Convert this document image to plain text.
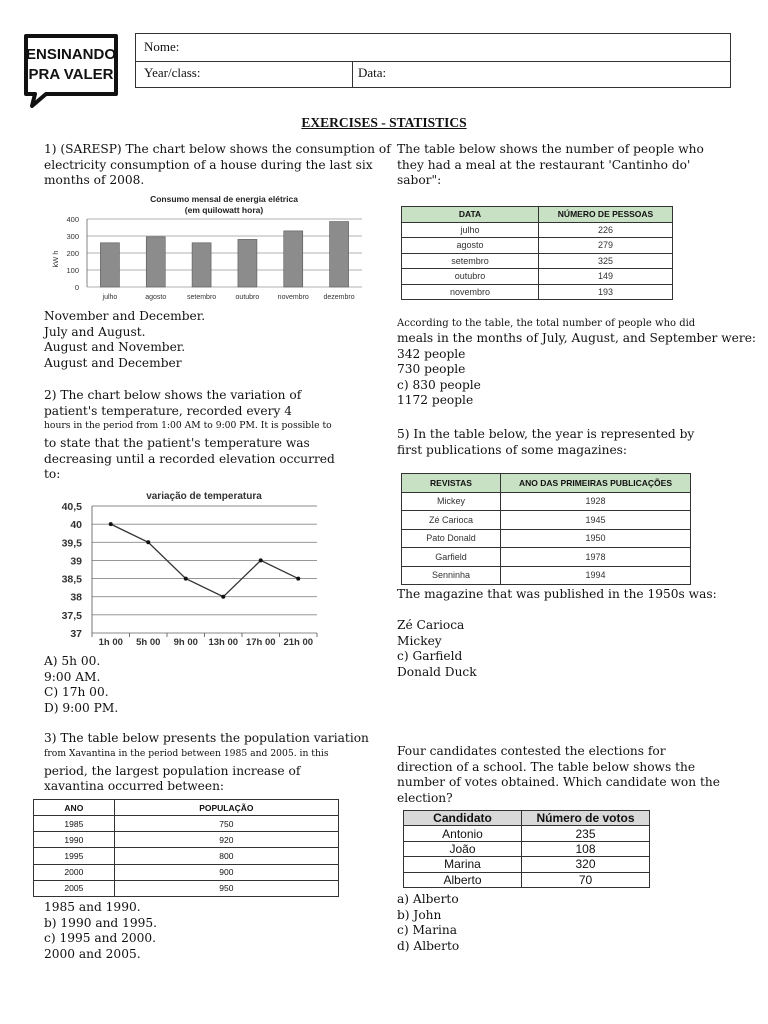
ENSINANDO
PRA VALER
Nome:
Year/class:	Data:
EXERCISES - STATISTICS
1) (SARESP) The chart below shows the consumption of
electricity consumption of a house during the last six
months of 2008.
Consumo mensal de energia elétrica
(em quilowatt hora)
kW h
0
100
200
300
400
julho	agosto	setembro	outubro	novembro dezembro
November and December.
July and August.
August and November.
August and December
2) The chart below shows the variation of
patient's temperature, recorded every 4
hours in the period from 1:00 AM to 9:00 PM. It is possible to
to state that the patient's temperature was
decreasing until a recorded elevation occurred
to:
variação de temperatura
37
37,5
38
38,5
39
39,5
40
40,5
1h 00 5h 00 9h 00 13h 00 17h 00 21h 00
A) 5h 00.
9:00 AM.
C) 17h 00.
D) 9:00 PM.
3) The table below presents the population variation
from Xavantina in the period between 1985 and 2005. in this
period, the largest population increase of
xavantina occurred between:
ANO	POPULAÇÃO
1985	750
1990	920
1995	800
2000	900
2005	950
1985 and 1990.
b) 1990 and 1995.
c) 1995 and 2000.
2000 and 2005.
The table below shows the number of people who
they had a meal at the restaurant 'Cantinho do'
sabor":
DATA	NÚMERO DE PESSOAS
julho	226
agosto	279
setembro	325
outubro	149
novembro	193
According to the table, the total number of people who did
meals in the months of July, August, and September were:
342 people
730 people
c) 830 people
1172 people
5) In the table below, the year is represented by
first publications of some magazines:
REVISTAS	ANO DAS PRIMEIRAS PUBLICAÇÕES
Mickey	1928
Zé Carioca	1945
Pato Donald	1950
Garfield	1978
Senninha	1994
The magazine that was published in the 1950s was:
Zé Carioca
Mickey
c) Garfield
Donald Duck
Four candidates contested the elections for
direction of a school. The table below shows the
number of votes obtained. Which candidate won the
election?
Candidato	Número de votos
Antonio	235
João	108
Marina	320
Alberto	70
a) Alberto
b) John
c) Marina
d) Alberto
